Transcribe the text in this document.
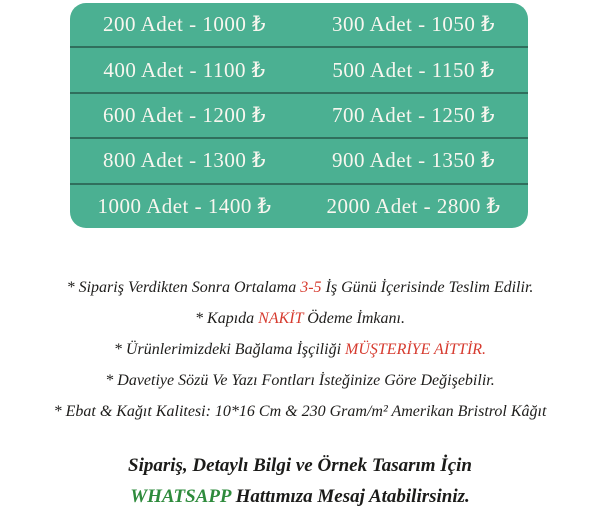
200 Adet - 1000 ₺	300 Adet - 1050 ₺
400 Adet - 1100 ₺	500 Adet - 1150 ₺
600 Adet - 1200 ₺	700 Adet - 1250 ₺
800 Adet - 1300 ₺	900 Adet - 1350 ₺
1000 Adet - 1400 ₺	2000 Adet - 2800 ₺
* Sipariş Verdikten Sonra Ortalama 3-5 İş Günü İçerisinde Teslim Edilir.
* Kapıda NAKİT Ödeme İmkanı.
* Ürünlerimizdeki Bağlama İşçiliği MÜŞTERİYE AİTTİR.
* Davetiye Sözü Ve Yazı Fontları İsteğinize Göre Değişebilir.
* Ebat & Kağıt Kalitesi: 10*16 Cm & 230 Gram/m² Amerikan Bristrol Kâğıt
Sipariş, Detaylı Bilgi ve Örnek Tasarım İçin
WHATSAPP Hattımıza Mesaj Atabilirsiniz.
